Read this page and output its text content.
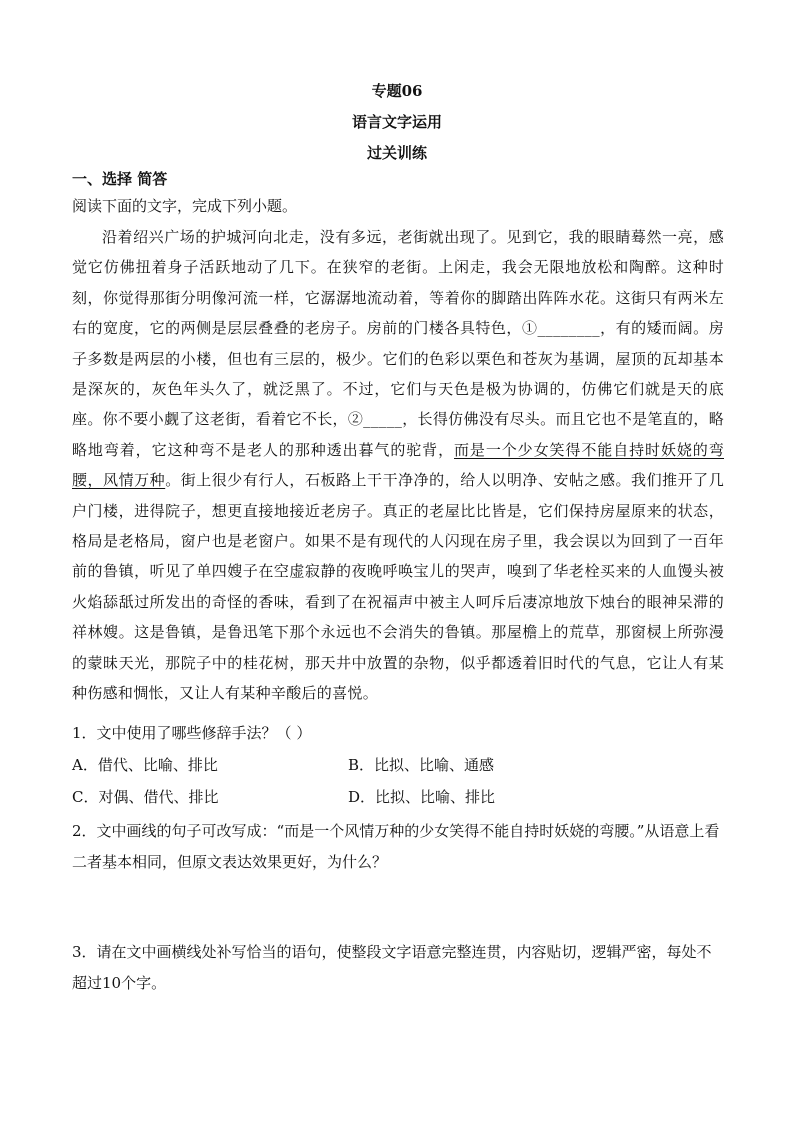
专题06
语言文字运用
过关训练
一、选择 简答
阅读下面的文字，完成下列小题。
沿着绍兴广场的护城河向北走，没有多远，老街就出现了。见到它，我的眼睛蓦然一亮，感觉它仿佛扭着身子活跃地动了几下。在狭窄的老街。上闲走，我会无限地放松和陶醉。这种时刻，你觉得那街分明像河流一样，它潺潺地流动着，等着你的脚踏出阵阵水花。这街只有两米左右的宽度，它的两侧是层层叠叠的老房子。房前的门楼各具特色，①________，有的矮而阔。房子多数是两层的小楼，但也有三层的，极少。它们的色彩以栗色和苍灰为基调，屋顶的瓦却基本是深灰的，灰色年头久了，就泛黑了。不过，它们与天色是极为协调的，仿佛它们就是天的底座。你不要小觑了这老街，看着它不长，②_____，长得仿佛没有尽头。而且它也不是笔直的，略略地弯着，它这种弯不是老人的那种透出暮气的驼背，而是一个少女笑得不能自持时妖娆的弯腰，风情万种。街上很少有行人，石板路上干干净净的，给人以明净、安帖之感。我们推开了几户门楼，进得院子，想更直接地接近老房子。真正的老屋比比皆是，它们保持房屋原来的状态，格局是老格局，窗户也是老窗户。如果不是有现代的人闪现在房子里，我会误以为回到了一百年前的鲁镇，听见了单四嫂子在空虚寂静的夜晚呼唤宝儿的哭声，嗅到了华老栓买来的人血馒头被火焰舔舐过所发出的奇怪的香味，看到了在祝福声中被主人呵斥后凄凉地放下烛台的眼神呆滞的祥林嫂。这是鲁镇，是鲁迅笔下那个永远也不会消失的鲁镇。那屋檐上的荒草，那窗棂上所弥漫的蒙昧天光，那院子中的桂花树，那天井中放置的杂物，似乎都透着旧时代的气息，它让人有某种伤感和惆怅，又让人有某种辛酸后的喜悦。
1．文中使用了哪些修辞手法？（ ）
A．借代、比喻、排比	B．比拟、比喻、通感
C．对偶、借代、排比	D．比拟、比喻、排比
2．文中画线的句子可改写成：“而是一个风情万种的少女笑得不能自持时妖娆的弯腰。”从语意上看二者基本相同，但原文表达效果更好，为什么？
3．请在文中画横线处补写恰当的语句，使整段文字语意完整连贯，内容贴切，逻辑严密，每处不超过10个字。
